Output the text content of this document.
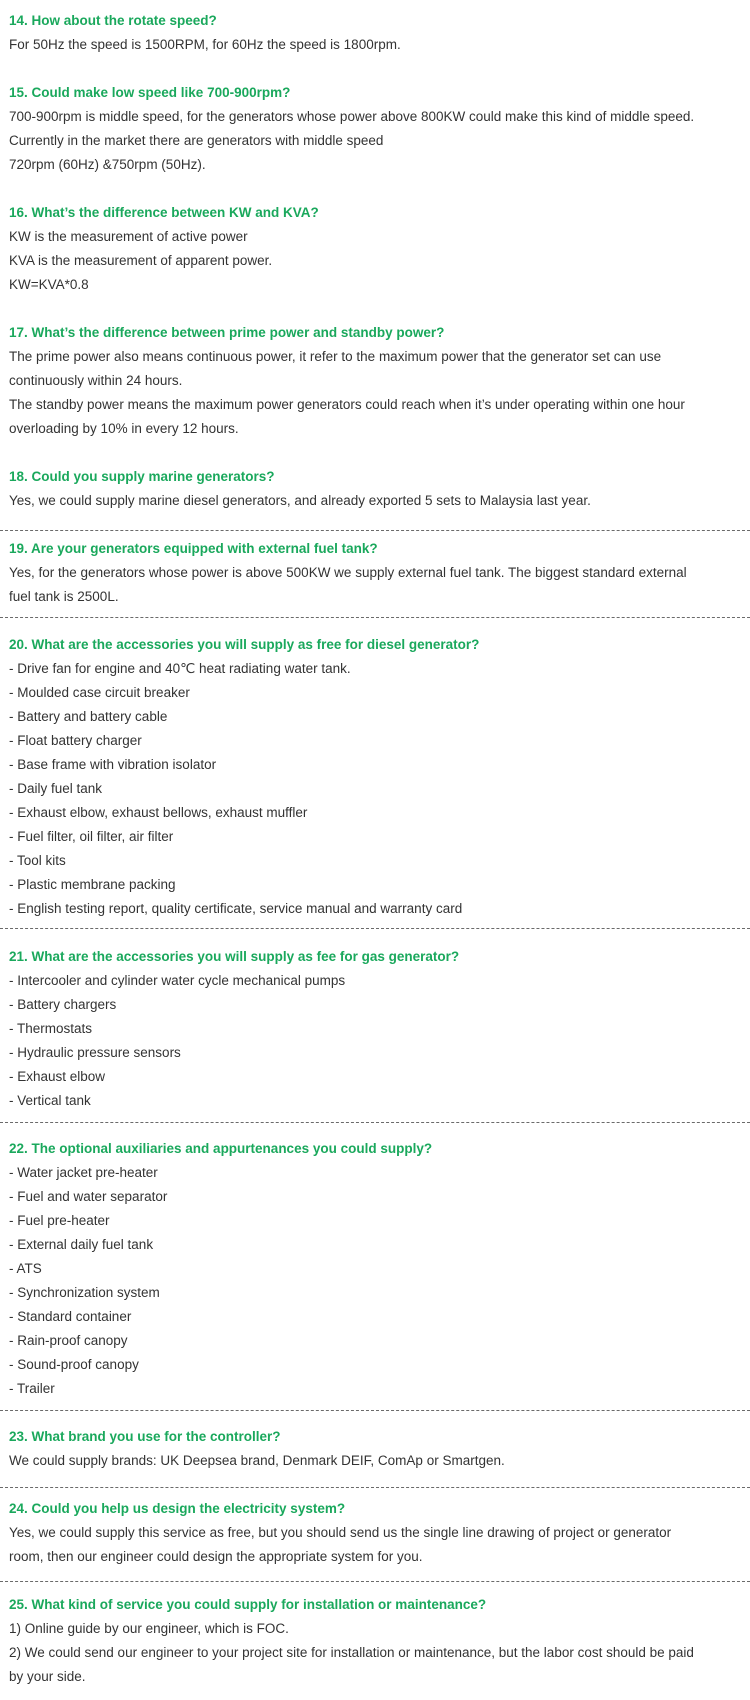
14. How about the rotate speed?
For 50Hz the speed is 1500RPM, for 60Hz the speed is 1800rpm.
15. Could make low speed like 700-900rpm?
700-900rpm is middle speed, for the generators whose power above 800KW could make this kind of middle speed.
Currently in the market there are generators with middle speed
720rpm (60Hz) &750rpm (50Hz).
16. What’s the difference between KW and KVA?
KW is the measurement of active power
KVA is the measurement of apparent power.
KW=KVA*0.8
17. What’s the difference between prime power and standby power?
The prime power also means continuous power, it refer to the maximum power that the generator set can use
continuously within 24 hours.
The standby power means the maximum power generators could reach when it’s under operating within one hour
overloading by 10% in every 12 hours.
18. Could you supply marine generators?
Yes, we could supply marine diesel generators, and already exported 5 sets to Malaysia last year.
19. Are your generators equipped with external fuel tank?
Yes, for the generators whose power is above 500KW we supply external fuel tank. The biggest standard external
fuel tank is 2500L.
20. What are the accessories you will supply as free for diesel generator?
- Drive fan for engine and 40℃ heat radiating water tank.
- Moulded case circuit breaker
- Battery and battery cable
- Float battery charger
- Base frame with vibration isolator
- Daily fuel tank
- Exhaust elbow, exhaust bellows, exhaust muffler
- Fuel filter, oil filter, air filter
- Tool kits
- Plastic membrane packing
- English testing report, quality certificate, service manual and warranty card
21. What are the accessories you will supply as fee for gas generator?
- Intercooler and cylinder water cycle mechanical pumps
- Battery chargers
- Thermostats
- Hydraulic pressure sensors
- Exhaust elbow
- Vertical tank
22. The optional auxiliaries and appurtenances you could supply?
- Water jacket pre-heater
- Fuel and water separator
- Fuel pre-heater
- External daily fuel tank
- ATS
- Synchronization system
- Standard container
- Rain-proof canopy
- Sound-proof canopy
- Trailer
23. What brand you use for the controller?
We could supply brands: UK Deepsea brand, Denmark DEIF, ComAp or Smartgen.
24. Could you help us design the electricity system?
Yes, we could supply this service as free, but you should send us the single line drawing of project or generator
room, then our engineer could design the appropriate system for you.
25. What kind of service you could supply for installation or maintenance?
1) Online guide by our engineer, which is FOC.
2) We could send our engineer to your project site for installation or maintenance, but the labor cost should be paid
by your side.
